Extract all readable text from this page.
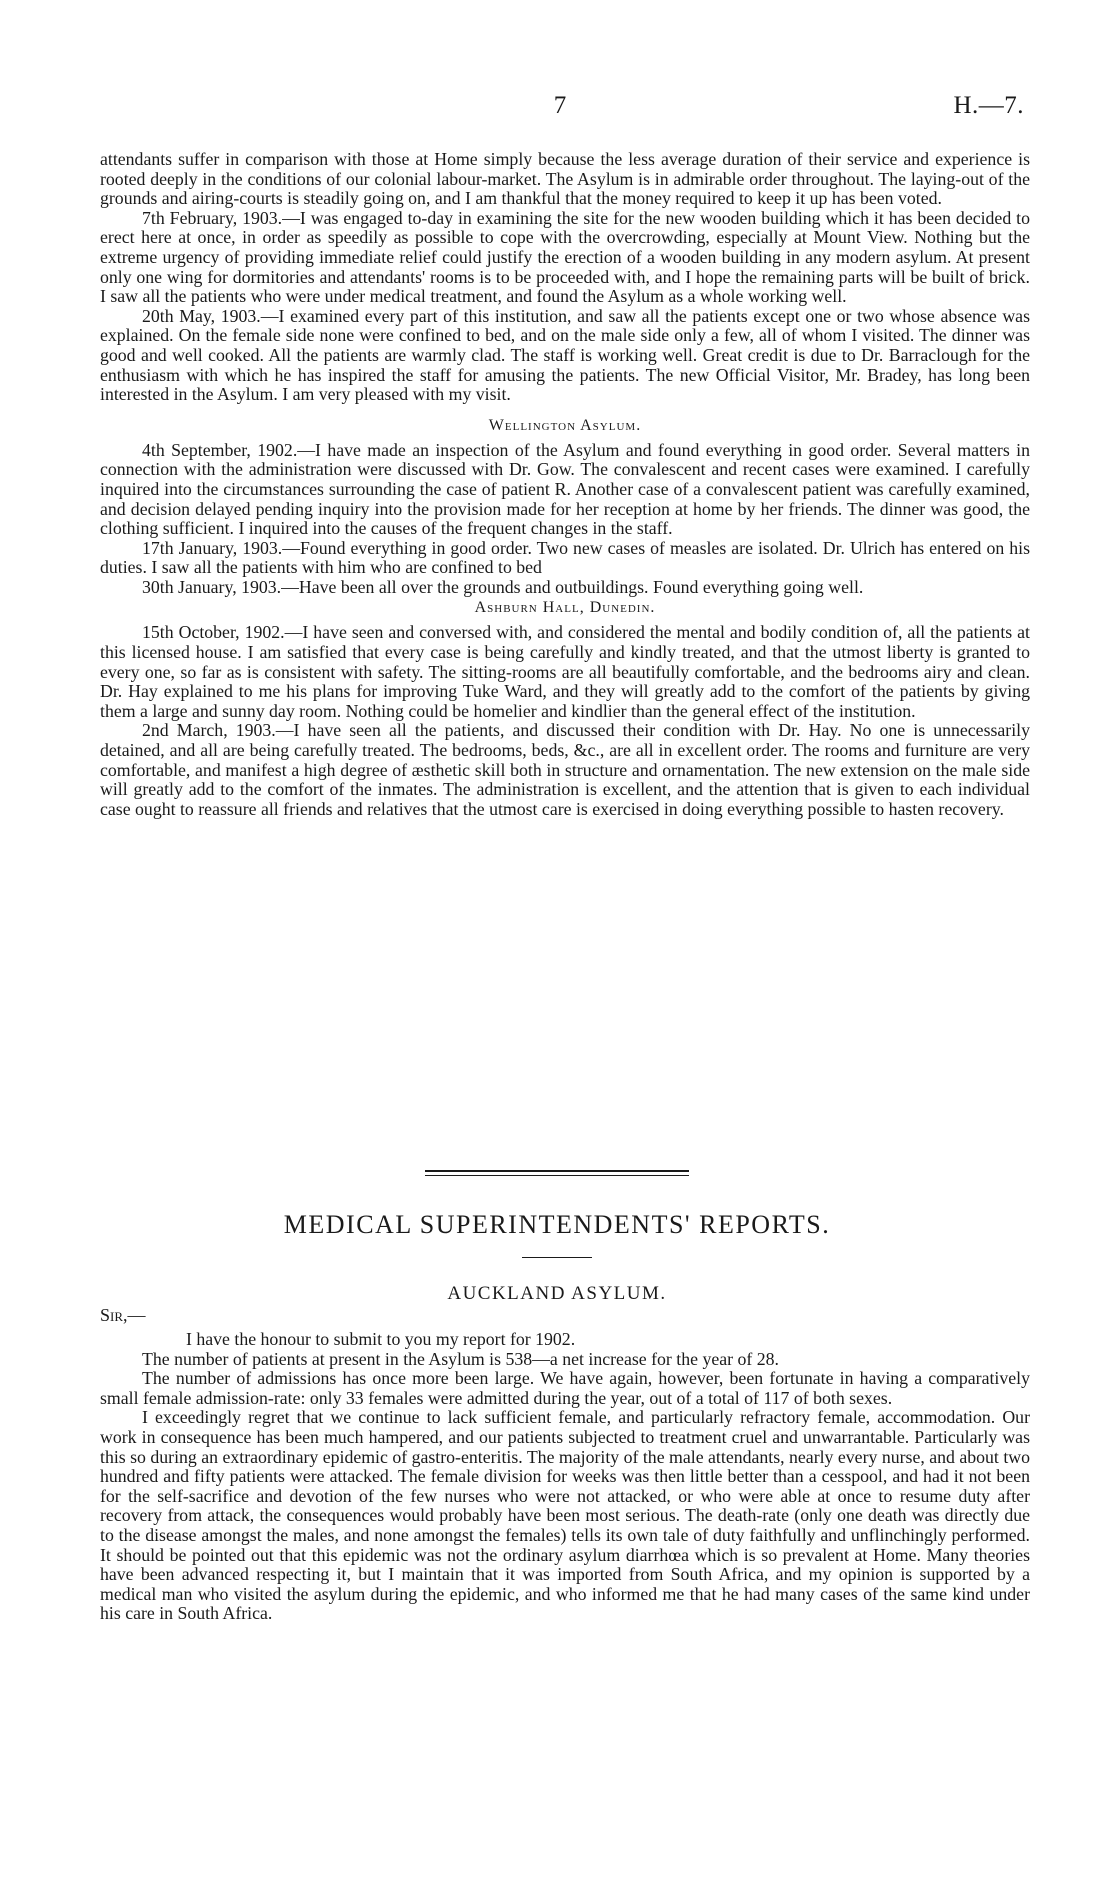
7	H.—7.

attendants suffer in comparison with those at Home simply because the less average duration of their service and experience is rooted deeply in the conditions of our colonial labour-market. The Asylum is in admirable order throughout. The laying-out of the grounds and airing-courts is steadily going on, and I am thankful that the money required to keep it up has been voted.

7th February, 1903.—I was engaged to-day in examining the site for the new wooden building which it has been decided to erect here at once, in order as speedily as possible to cope with the overcrowding, especially at Mount View. Nothing but the extreme urgency of providing immediate relief could justify the erection of a wooden building in any modern asylum. At present only one wing for dormitories and attendants' rooms is to be proceeded with, and I hope the remaining parts will be built of brick. I saw all the patients who were under medical treatment, and found the Asylum as a whole working well.

20th May, 1903.—I examined every part of this institution, and saw all the patients except one or two whose absence was explained. On the female side none were confined to bed, and on the male side only a few, all of whom I visited. The dinner was good and well cooked. All the patients are warmly clad. The staff is working well. Great credit is due to Dr. Barraclough for the enthusiasm with which he has inspired the staff for amusing the patients. The new Official Visitor, Mr. Bradey, has long been interested in the Asylum. I am very pleased with my visit.

Wellington Asylum.

4th September, 1902.—I have made an inspection of the Asylum and found everything in good order. Several matters in connection with the administration were discussed with Dr. Gow. The convalescent and recent cases were examined. I carefully inquired into the circumstances surrounding the case of patient R. Another case of a convalescent patient was carefully examined, and decision delayed pending inquiry into the provision made for her reception at home by her friends. The dinner was good, the clothing sufficient. I inquired into the causes of the frequent changes in the staff.

17th January, 1903.—Found everything in good order. Two new cases of measles are isolated. Dr. Ulrich has entered on his duties. I saw all the patients with him who are confined to bed

30th January, 1903.—Have been all over the grounds and outbuildings. Found everything going well.

Ashburn Hall, Dunedin.

15th October, 1902.—I have seen and conversed with, and considered the mental and bodily condition of, all the patients at this licensed house. I am satisfied that every case is being carefully and kindly treated, and that the utmost liberty is granted to every one, so far as is consistent with safety. The sitting-rooms are all beautifully comfortable, and the bedrooms airy and clean. Dr. Hay explained to me his plans for improving Tuke Ward, and they will greatly add to the comfort of the patients by giving them a large and sunny day room. Nothing could be homelier and kindlier than the general effect of the institution.

2nd March, 1903.—I have seen all the patients, and discussed their condition with Dr. Hay. No one is unnecessarily detained, and all are being carefully treated. The bedrooms, beds, &c., are all in excellent order. The rooms and furniture are very comfortable, and manifest a high degree of æsthetic skill both in structure and ornamentation. The new extension on the male side will greatly add to the comfort of the inmates. The administration is excellent, and the attention that is given to each individual case ought to reassure all friends and relatives that the utmost care is exercised in doing everything possible to hasten recovery.

MEDICAL SUPERINTENDENTS' REPORTS.
AUCKLAND ASYLUM.
Sir,—

I have the honour to submit to you my report for 1902.

The number of patients at present in the Asylum is 538—a net increase for the year of 28.

The number of admissions has once more been large. We have again, however, been fortunate in having a comparatively small female admission-rate: only 33 females were admitted during the year, out of a total of 117 of both sexes.

I exceedingly regret that we continue to lack sufficient female, and particularly refractory female, accommodation. Our work in consequence has been much hampered, and our patients subjected to treatment cruel and unwarrantable. Particularly was this so during an extraordinary epidemic of gastro-enteritis. The majority of the male attendants, nearly every nurse, and about two hundred and fifty patients were attacked. The female division for weeks was then little better than a cesspool, and had it not been for the self-sacrifice and devotion of the few nurses who were not attacked, or who were able at once to resume duty after recovery from attack, the consequences would probably have been most serious. The death-rate (only one death was directly due to the disease amongst the males, and none amongst the females) tells its own tale of duty faithfully and unflinchingly performed. It should be pointed out that this epidemic was not the ordinary asylum diarrhœa which is so prevalent at Home. Many theories have been advanced respecting it, but I maintain that it was imported from South Africa, and my opinion is supported by a medical man who visited the asylum during the epidemic, and who informed me that he had many cases of the same kind under his care in South Africa.
